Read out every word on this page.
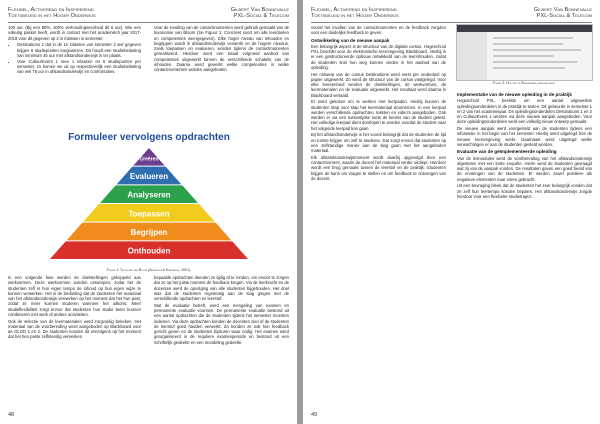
Flexibel, Activerend en Inspirerend
Toetsbeleid in het Hoger Onderwijs
Gilbert Van Bonnevalle
PXL-Social & Telecom

100 uur. (Bij een 80%, 100% verhoudingseenheid dit 5 uur). Wie een volledig pakket heeft, wordt in contact met het academisch jaar 2017-2018 voor dit gegeven op 2 in inlassen in semester.

• Destinations 2 dat in de 1e inlassen van semester 2 wel gegeven krijgen 6 studiepunten toegewezen. Dit houdt een studiebelasting van minimum 45 uur met afstandsonderwijs in ter plaats.
• Voor CultuurEvent 1 mee 1 inlassen en 6 studiepunten per semester, zo komen we uit op respectievelijk een studiebelasting van wel 75 uur in afstandsonderwijs en confrontaties.

Voor de invulling van de contactmomenten werd gebruik gemaakt van de taxonomie van Bloom (zie Figuur 1: Concreet soort om alle leerdoelen en competenties weergegeven). Elke hoger niveau van inhouden en begrippen wordt in afstandsonderwijs verwerkt en de hogere niveaus, zoals toepassen en evalueren, worden tijdens de contactmomenten gerealiseerd. Hierdoor werd een totaal volgroeid aanbod van competenties uitgewerkt binnen de verschillende schakels van de inhouden. Daarna werd gewerkt welke competenties in welke contactmomenten worden aangeboden.

Formuleer vervolgens opdrachten
Creëren
Evalueren
Analyseren
Toepassen
Begrijpen
Onthouden
Figuur 1: Taxonomie van Bloom (Anderson & Krathwohl, 2001)

In een volgende fase werden de doelstellingen gekoppeld aan werkvormen. Deze werkvormen worden ontworpen, zodat het de studenten zelf in hun eigen tempo de inhoud op hun eigen wijze te kunnen verwerken. Het is de bedoeling dat de studenten het materiaal van het afstandsonderwijs verwerken op het moment dat het hun past, zodat ze meer kunnen studeren wanneer het uitkomt. Meer studieflexibiliteit zorgt ervoor dat studenten hun studie beter kunnen combineren met werk of andere activiteiten.

Ook de selectie van de leermaterialen werd zorgvuldig bekeken. Het materiaal van de voorbereiding werd aangeboden op Blackboard voor de OLOD 1 en 2. De studenten konden dit vervolgens op het moment dat het hen paste zelfstandig verwerken.

bepaalde opdrachten dienden ze tijdig af te ronden, om ervoor te zorgen dat ze op het juiste moment de feedback kregen. Via de leerkracht en de docenten werd de opvolging van alle studenten bijgehouden. Het doel was dat de studenten regelmatig aan de slag gingen met de verschillende opdrachten en leerstof.

Wat de evaluatie betreft, werd een mengeling van examen en permanente evaluatie voorzien. De permanente evaluatie bestond uit een aantal opdrachten die de studenten tijdens het semester moesten indienen. Via deze opdrachten konden de docenten zien of de studenten de leerstof goed hadden verwerkt. Zo konden ze ook hun feedback gericht geven en de studenten bijsturen waar nodig. Het examen werd georganiseerd in de reguliere examenperiode en bestond uit een schriftelijk gedeelte en een mondeling gedeelte.

48
Flexibel, Activerend en Inspirerend
Toetsbeleid in het Hoger Onderwijs
Gilbert Van Bonnevalle
PXL-Social & Telecom

vooraf het invullen van de contactmomenten en de feedback zorgden voor een duidelijke feedback te geven.

Ontwikkeling van de nieuwe aanpak

Een belangrijk aspect is de structuur van de digitale cursus. Hogeschool PXL beschikt voor de elektronische leeromgeving Blackboard. Hierbij is er een gestructureerde opbouw ontwikkeld van de leerinhouden, zodat de studenten snel hun weg kunnen vinden in het aanbod van de opleiding.

Het ontwerp van de cursus Destinations werd eerst per onderdeel op papier uitgewerkt. Zo werd de structuur van de cursus vastgelegd. Voor elke leereenheid werden de doelstellingen, de werkvormen, de leermaterialen en de evaluatie uitgewerkt. Het resultaat werd daarna in Blackboard vertaald.

Er werd gekozen om te werken met leerpaden. Hierbij kunnen de studenten stap voor stap het leermateriaal doornemen. In een leerpad werden verschillende opdrachten, teksten en video's aangeboden. Ook werden er via een tussentijdse toets de kennis van de student getest. Het volledige leerpad dient doorlopen te worden voordat de student naar het volgende leerpad kan gaan.

Bij het afstandsonderwijs is het vooral belangrijk dat de studenten de tijd en ruimte krijgen om zelf te studeren. Dat zorgt ervoor dat studenten op een zelfstandige manier aan de slag gaan met het aangeboden materiaal.

Elk afstandsonderwijsmoment wordt daarbij opgevolgd door een contactmoment, waarin de docent het materiaal verder uitdiept. Hierdoor wordt een brug gemaakt tussen de leerstof en de praktijk. Studenten krijgen de kans om vragen te stellen en om feedback te ontvangen van de docent.

Figuur 2: Hoe ziet de Blackboard-omgeving eruit
Implementatie van de nieuwe opleiding in de praktijk

Hogeschool PXL besliste om een aantal uitgewerkte opleidingsonderdelen in de praktijk te testen. Dit gebeurde in semester 1 en 2 van het academiejaar. De opleidingsonderdelen Destinations 1 en 2 en CultuurEvent 1 werden via deze nieuwe aanpak aangeboden. Voor deze opleidingsonderdelen werd een volledig nieuw ontwerp gemaakt.

De nieuwe aanpak werd voorgesteld aan de studenten tijdens een infosessie in het begin van het semester. Hierbij werd uitgelegd hoe de nieuwe leeromgeving werkt. Daarnaast werd uitgelegd welke verwachtingen er aan de studenten gesteld worden.

Evaluatie van de geïmplementeerde opleiding

Van de lesmodules werd de voorbereiding van het afstandsonderwijs afgesloten met een korte enquête. Hierin werd de studenten gevraagd wat zij van de aanpak vonden. De resultaten gaven een goed beeld van de ervaringen van de studenten. Er werden zowel positieve als negatieve elementen naar voren gebracht.

Uit een bevraging bleek dat de studenten het zeer belangrijk vonden dat ze zelf hun leertempo konden bepalen. Het afstandsonderwijs zorgde hierdoor voor een flexibeler studietraject.

49
